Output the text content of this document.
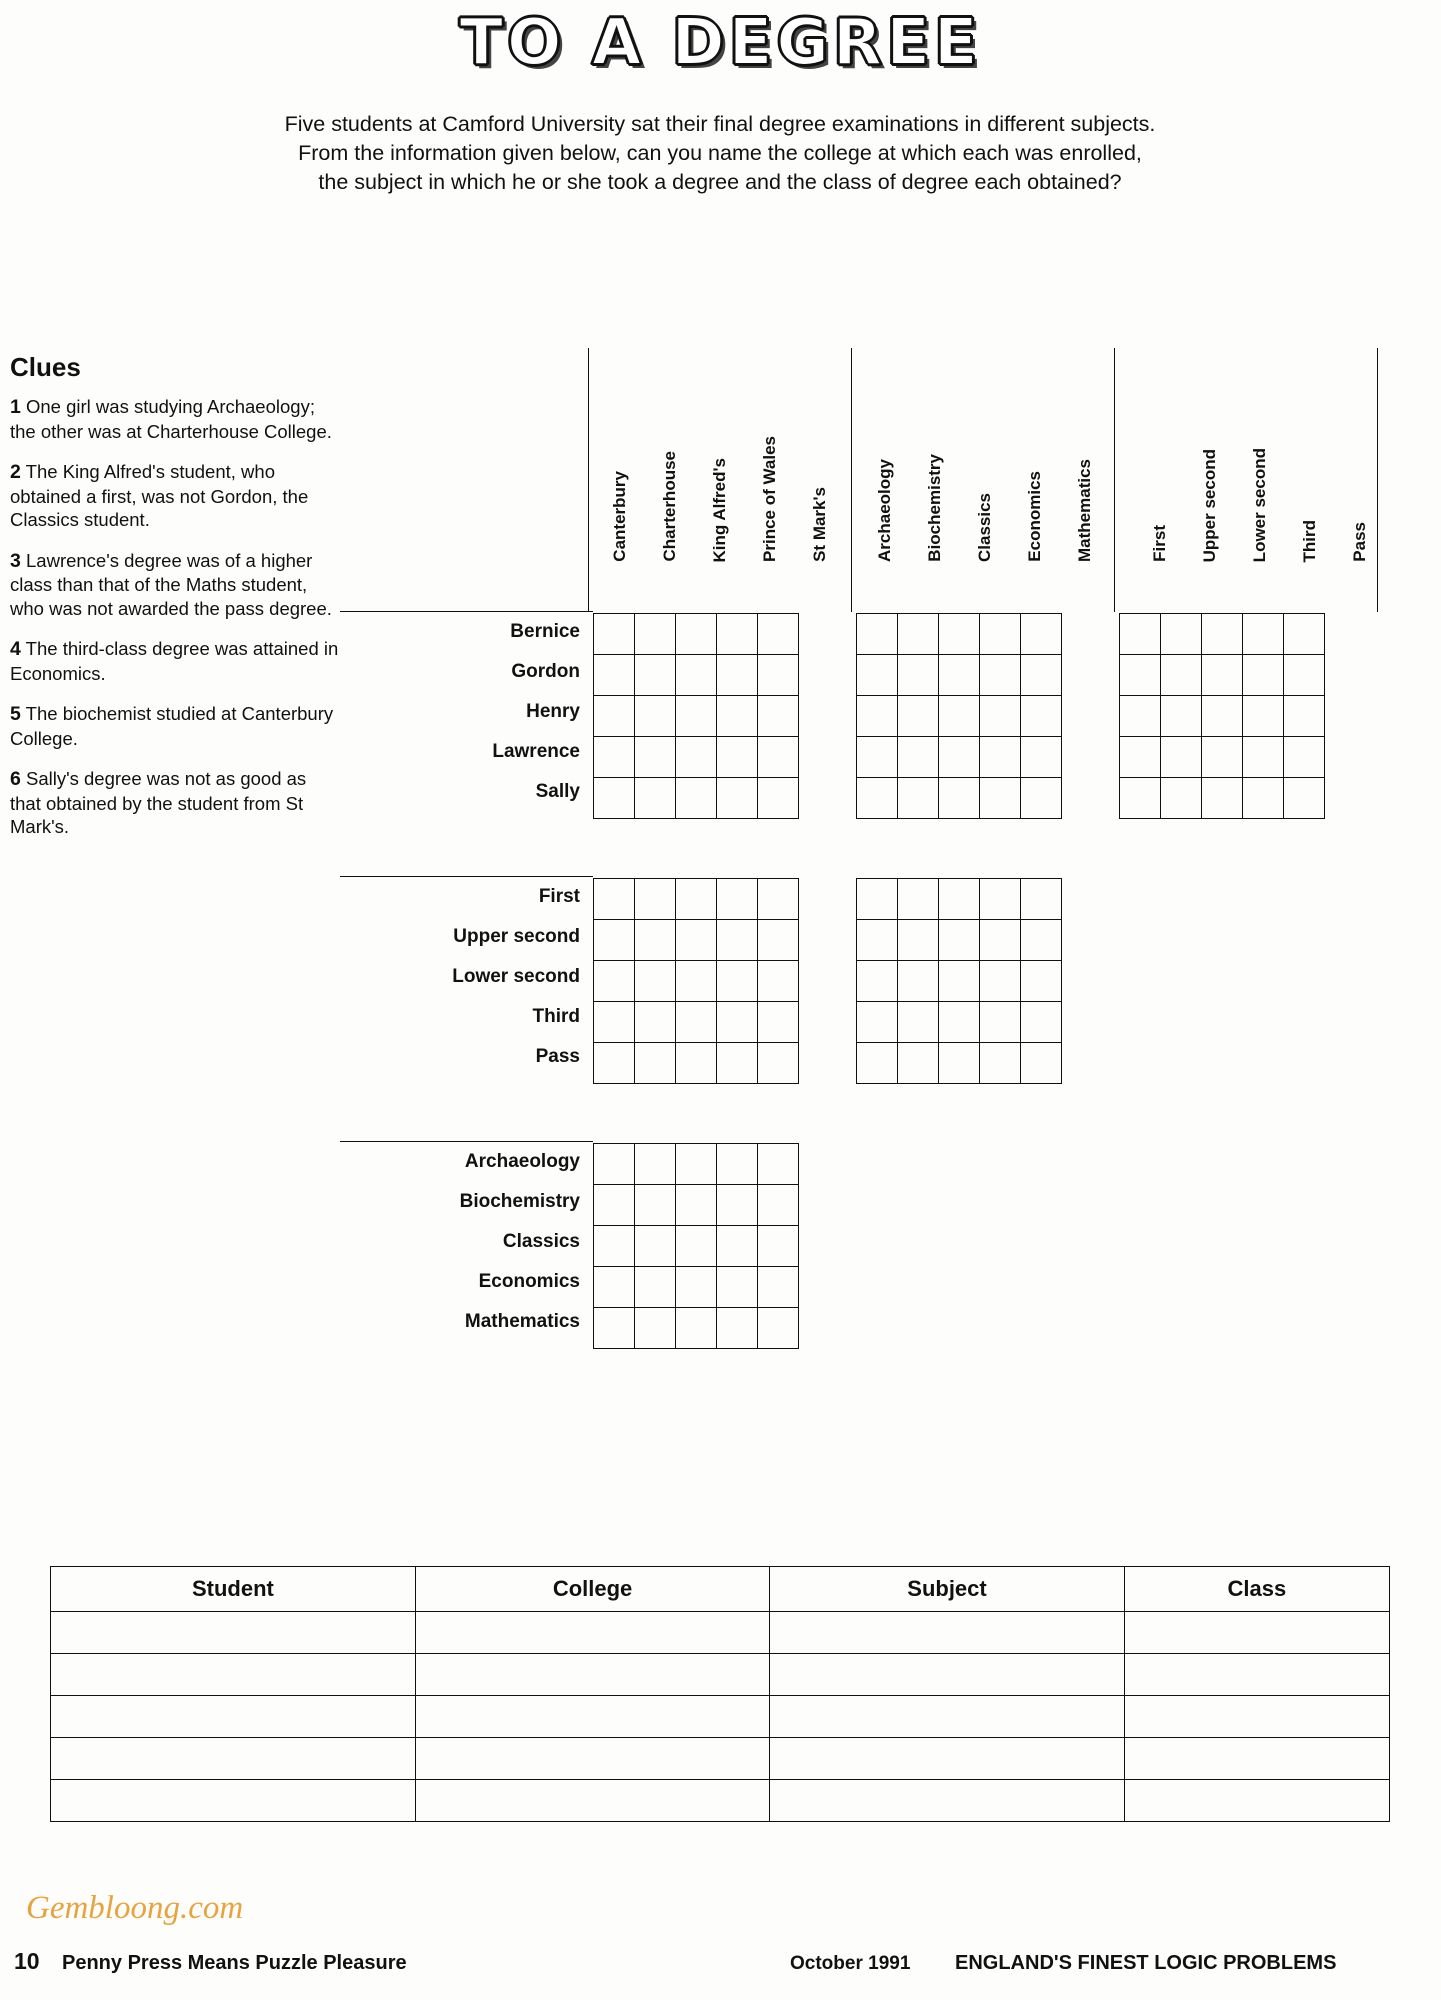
TO A DEGREE
Five students at Camford University sat their final degree examinations in different subjects.
From the information given below, can you name the college at which each was enrolled,
the subject in which he or she took a degree and the class of degree each obtained?
Clues
1 One girl was studying Archaeology; the other was at Charterhouse College.
2 The King Alfred's student, who obtained a first, was not Gordon, the Classics student.
3 Lawrence's degree was of a higher class than that of the Maths student, who was not awarded the pass degree.
4 The third-class degree was attained in Economics.
5 The biochemist studied at Canterbury College.
6 Sally's degree was not as good as that obtained by the student from St Mark's.
Canterbury	Charterhouse	King Alfred's	Prince of Wales	St Mark's	Archaeology	Biochemistry	Classics	Economics	Mathematics	First	Upper second	Lower second	Third	Pass
Bernice
Gordon
Henry
Lawrence
Sally
First
Upper second
Lower second
Third
Pass
Archaeology
Biochemistry
Classics
Economics
Mathematics

Student	College	Subject	Class

Gembloong.com
10 Penny Press Means Puzzle Pleasure	October 1991 ENGLAND'S FINEST LOGIC PROBLEMS
